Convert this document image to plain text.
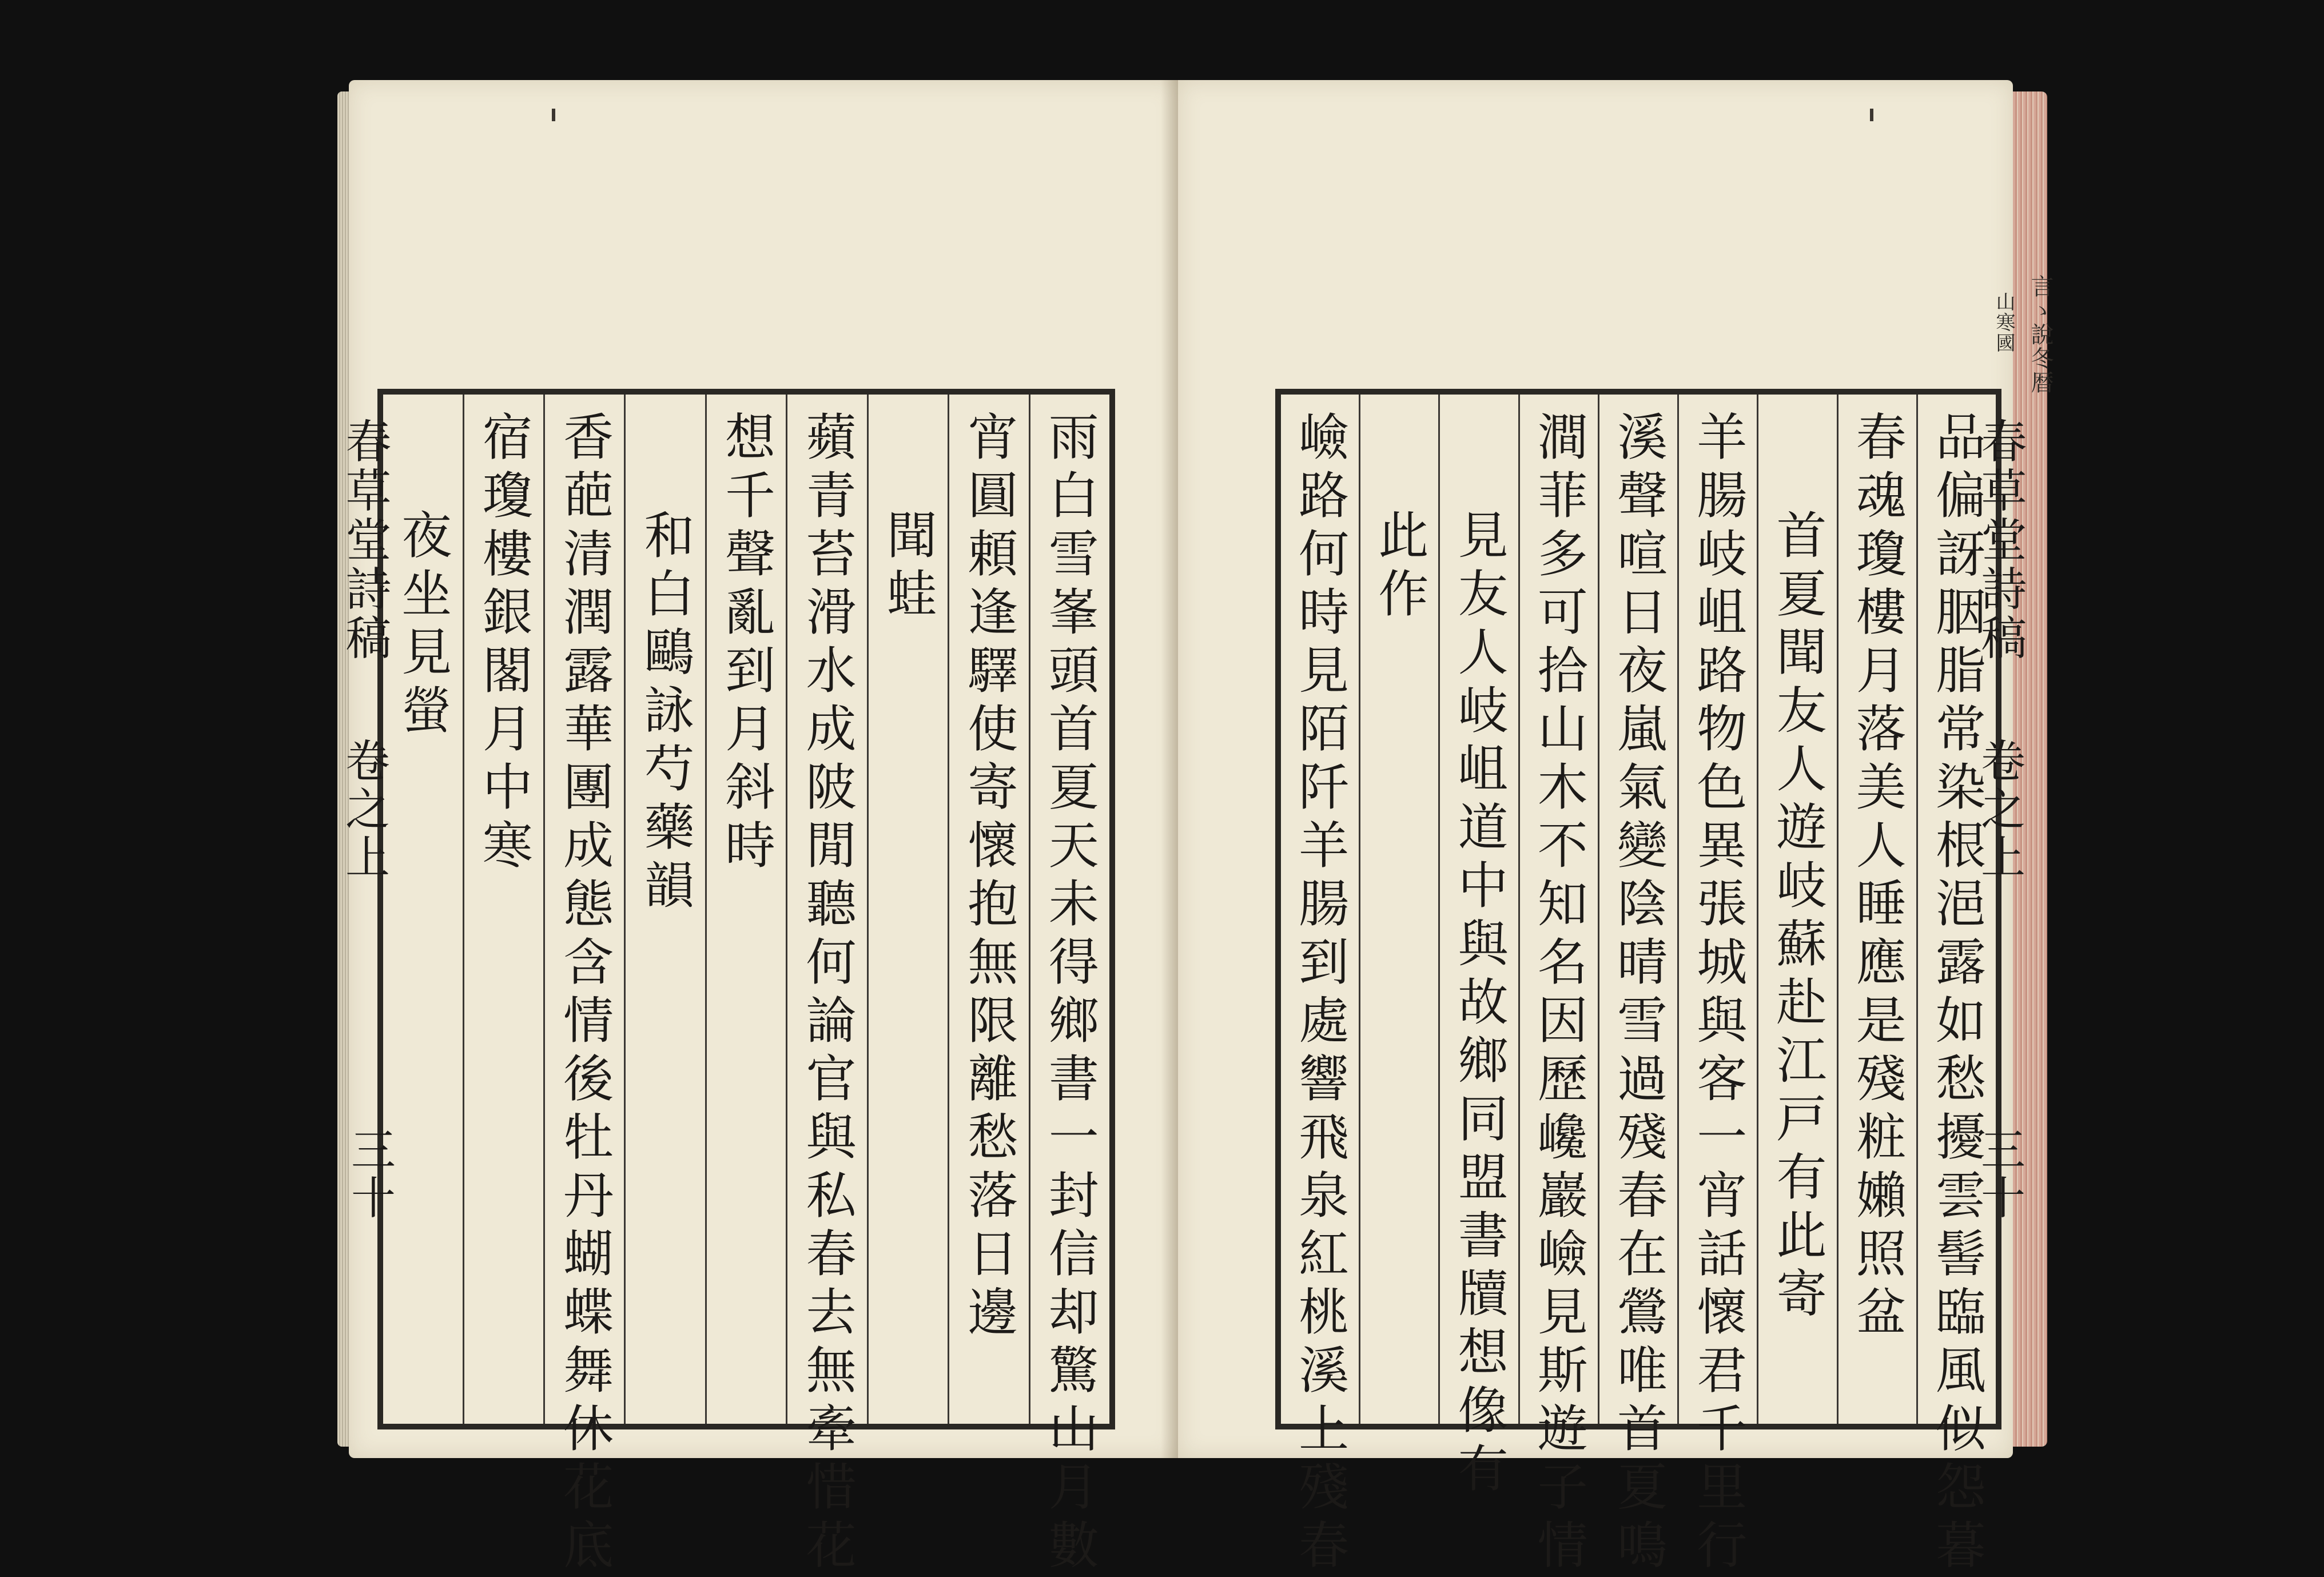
雨白雪峯頭首夏天未得鄉書一封信却驚山月數
宵圓頼逢驛使寄懷抱無限離愁落日邊
聞蛙
蘋青苔滑水成陂閒聽何論官與私春去無牽惜花
想千聲亂到月斜時
和白鷗詠芍藥韻
香葩清潤露華團成態含情後牡丹蝴蝶舞休花底
宿瓊樓銀閣月中寒
夜坐見螢
春草堂詩稿
卷之上
三十
言ゝ說冬暦
山寒國
品偏訝胭脂常染根浥露如愁擾雲髻臨風似怨暮
春魂瓊樓月落美人睡應是殘粧嬾照盆
首夏聞友人遊岐蘇赴江戸有此寄
羊腸岐岨路物色異張城與客一宵話懷君千里行
溪聲喧日夜嵐氣變陰晴雪過殘春在鶯唯首夏鳴
澗菲多可拾山木不知名因歷巉巖嶮見斯遊子情
見友人岐岨道中與故鄉同盟書牘想像有
此作
嶮路何時見陌阡羊腸到處響飛泉紅桃溪上殘春	春草堂詩稿
卷之上
三十
